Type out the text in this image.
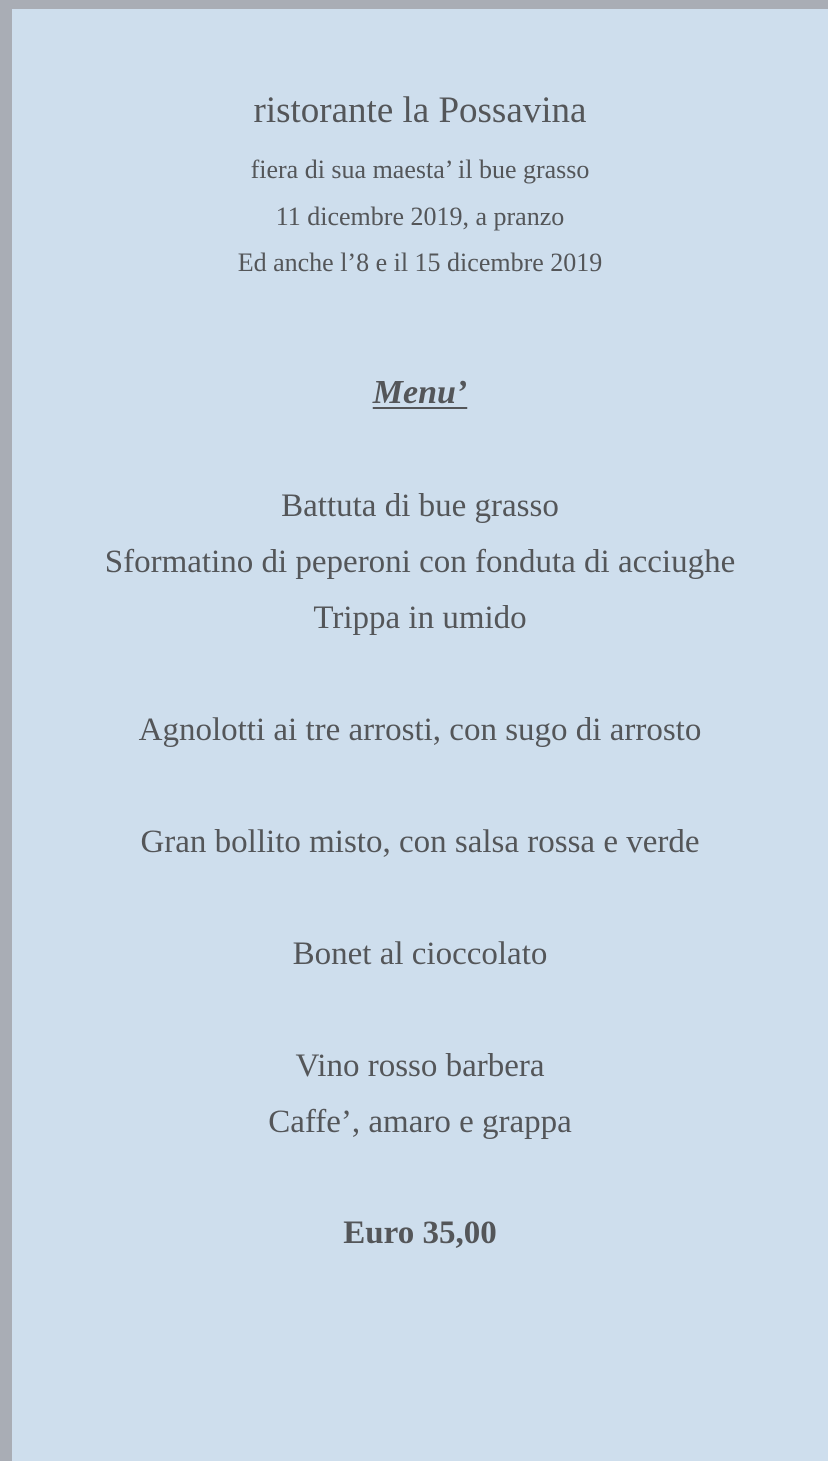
ristorante la Possavina
fiera di sua maesta’ il bue grasso
11 dicembre 2019, a pranzo
Ed anche l’8 e il 15 dicembre 2019
Menu’
Battuta di bue grasso
Sformatino di peperoni con fonduta di acciughe
Trippa in umido
Agnolotti ai tre arrosti, con sugo di arrosto
Gran bollito misto, con salsa rossa e verde
Bonet al cioccolato
Vino rosso barbera
Caffe’, amaro e grappa
Euro 35,00
